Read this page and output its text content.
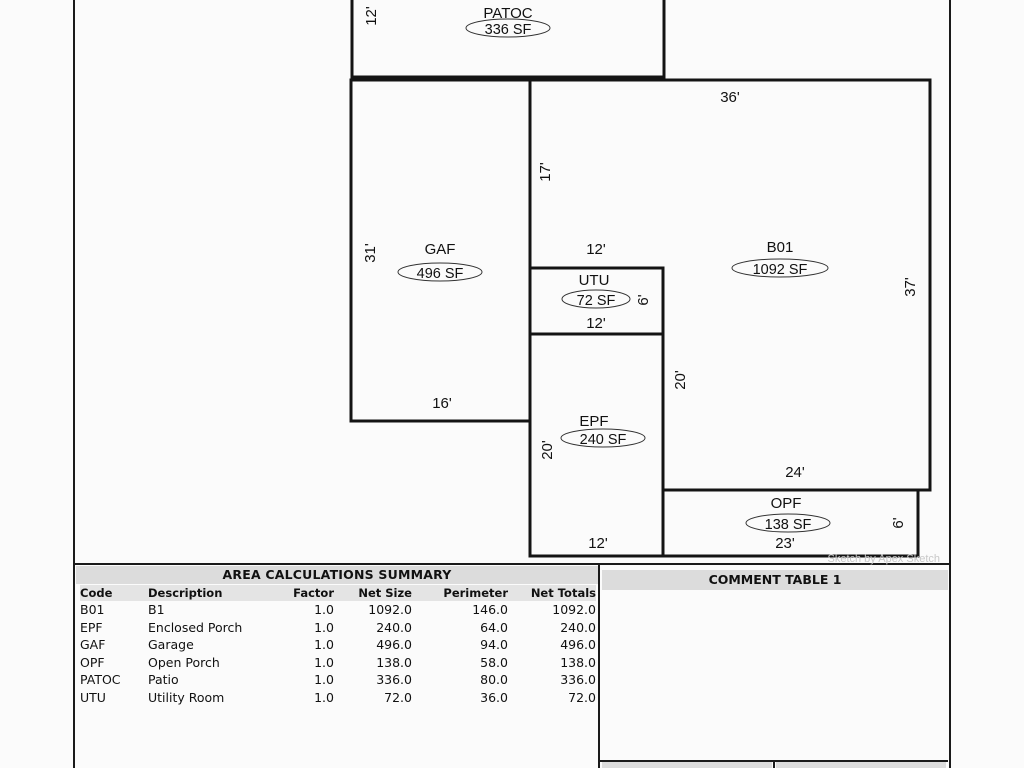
PATOC
336 SF
12'
B01
1092 SF
36'
37'
24'
17'
12'
20'
GAF
496 SF
31'
16'
UTU
72 SF 6'
12'
EPF
240 SF
20'
12'
OPF
138 SF	6'
23'
Sketch by Apex Sketch
AREA CALCULATIONS SUMMARY
Code	Description	Factor	Net Size	Perimeter	Net Totals
B01	B1	1.0	1092.0	146.0	1092.0
EPF	Enclosed Porch	1.0	240.0	64.0	240.0
GAF	Garage	1.0	496.0	94.0	496.0
OPF	Open Porch	1.0	138.0	58.0	138.0
PATOC	Patio	1.0	336.0	80.0	336.0
UTU	Utility Room	1.0	72.0	36.0	72.0
COMMENT TABLE 1
